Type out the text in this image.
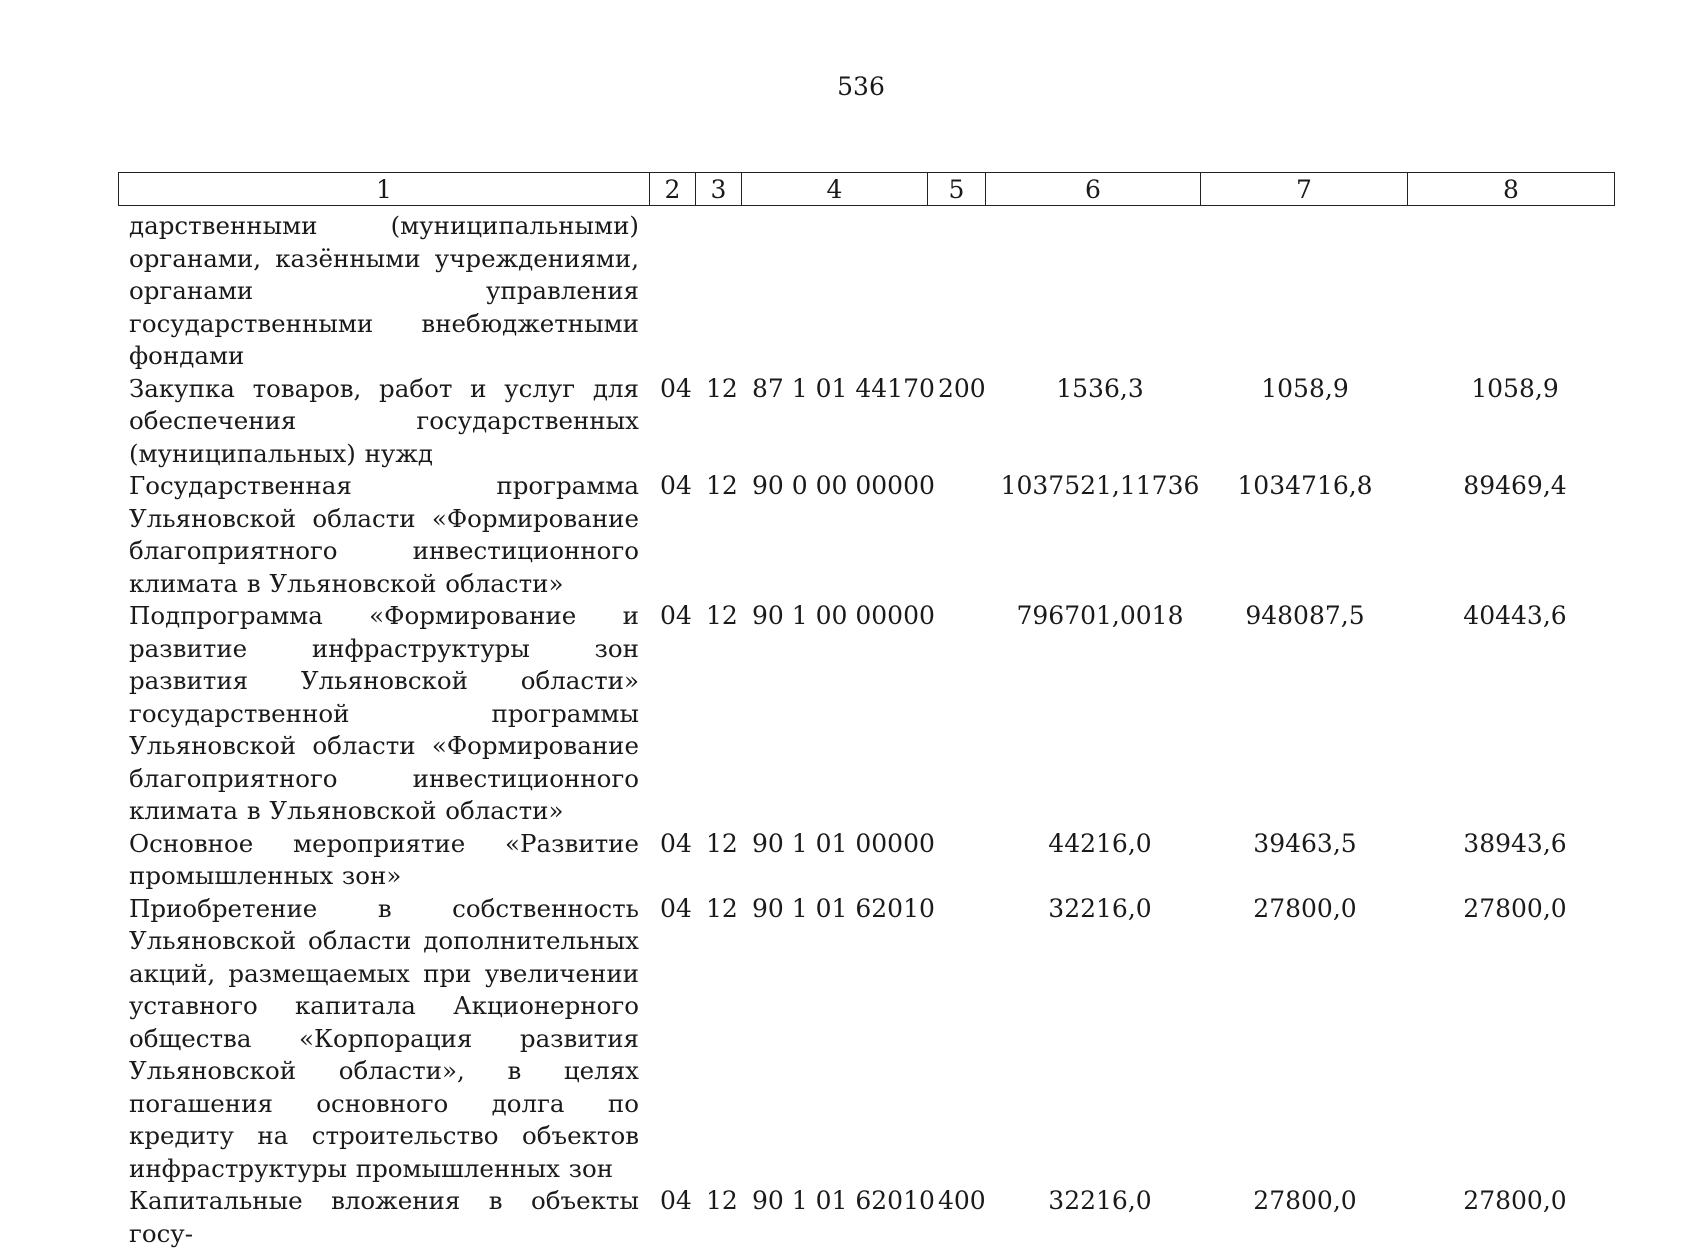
536
1	2	3	4	5	6	7	8
дарственными (муниципальными) органами, казёнными учреждениями, органами управления государственными внебюджетными фондами
Закупка товаров, работ и услуг для обеспечения государственных (муниципальных) нужд
04 12 87 1 01 44170 200	1536,3	1058,9	1058,9
Государственная программа Ульяновской области «Формирование благоприятного инвестиционного климата в Ульяновской области»
04 12 90 0 00 00000	1037521,11736	1034716,8	89469,4
Подпрограмма «Формирование и развитие инфраструктуры зон развития Ульяновской области» государственной программы Ульяновской области «Формирование благоприятного инвестиционного климата в Ульяновской области»
04 12 90 1 00 00000	796701,0018	948087,5	40443,6
Основное мероприятие «Развитие промышленных зон»
04 12 90 1 01 00000	44216,0	39463,5	38943,6
Приобретение в собственность Ульяновской области дополнительных акций, размещаемых при увеличении уставного капитала Акционерного общества «Корпорация развития Ульяновской области», в целях погашения основного долга по кредиту на строительство объектов инфраструктуры промышленных зон
04 12 90 1 01 62010	32216,0	27800,0	27800,0
Капитальные вложения в объекты госу-
04 12 90 1 01 62010 400	32216,0	27800,0	27800,0
